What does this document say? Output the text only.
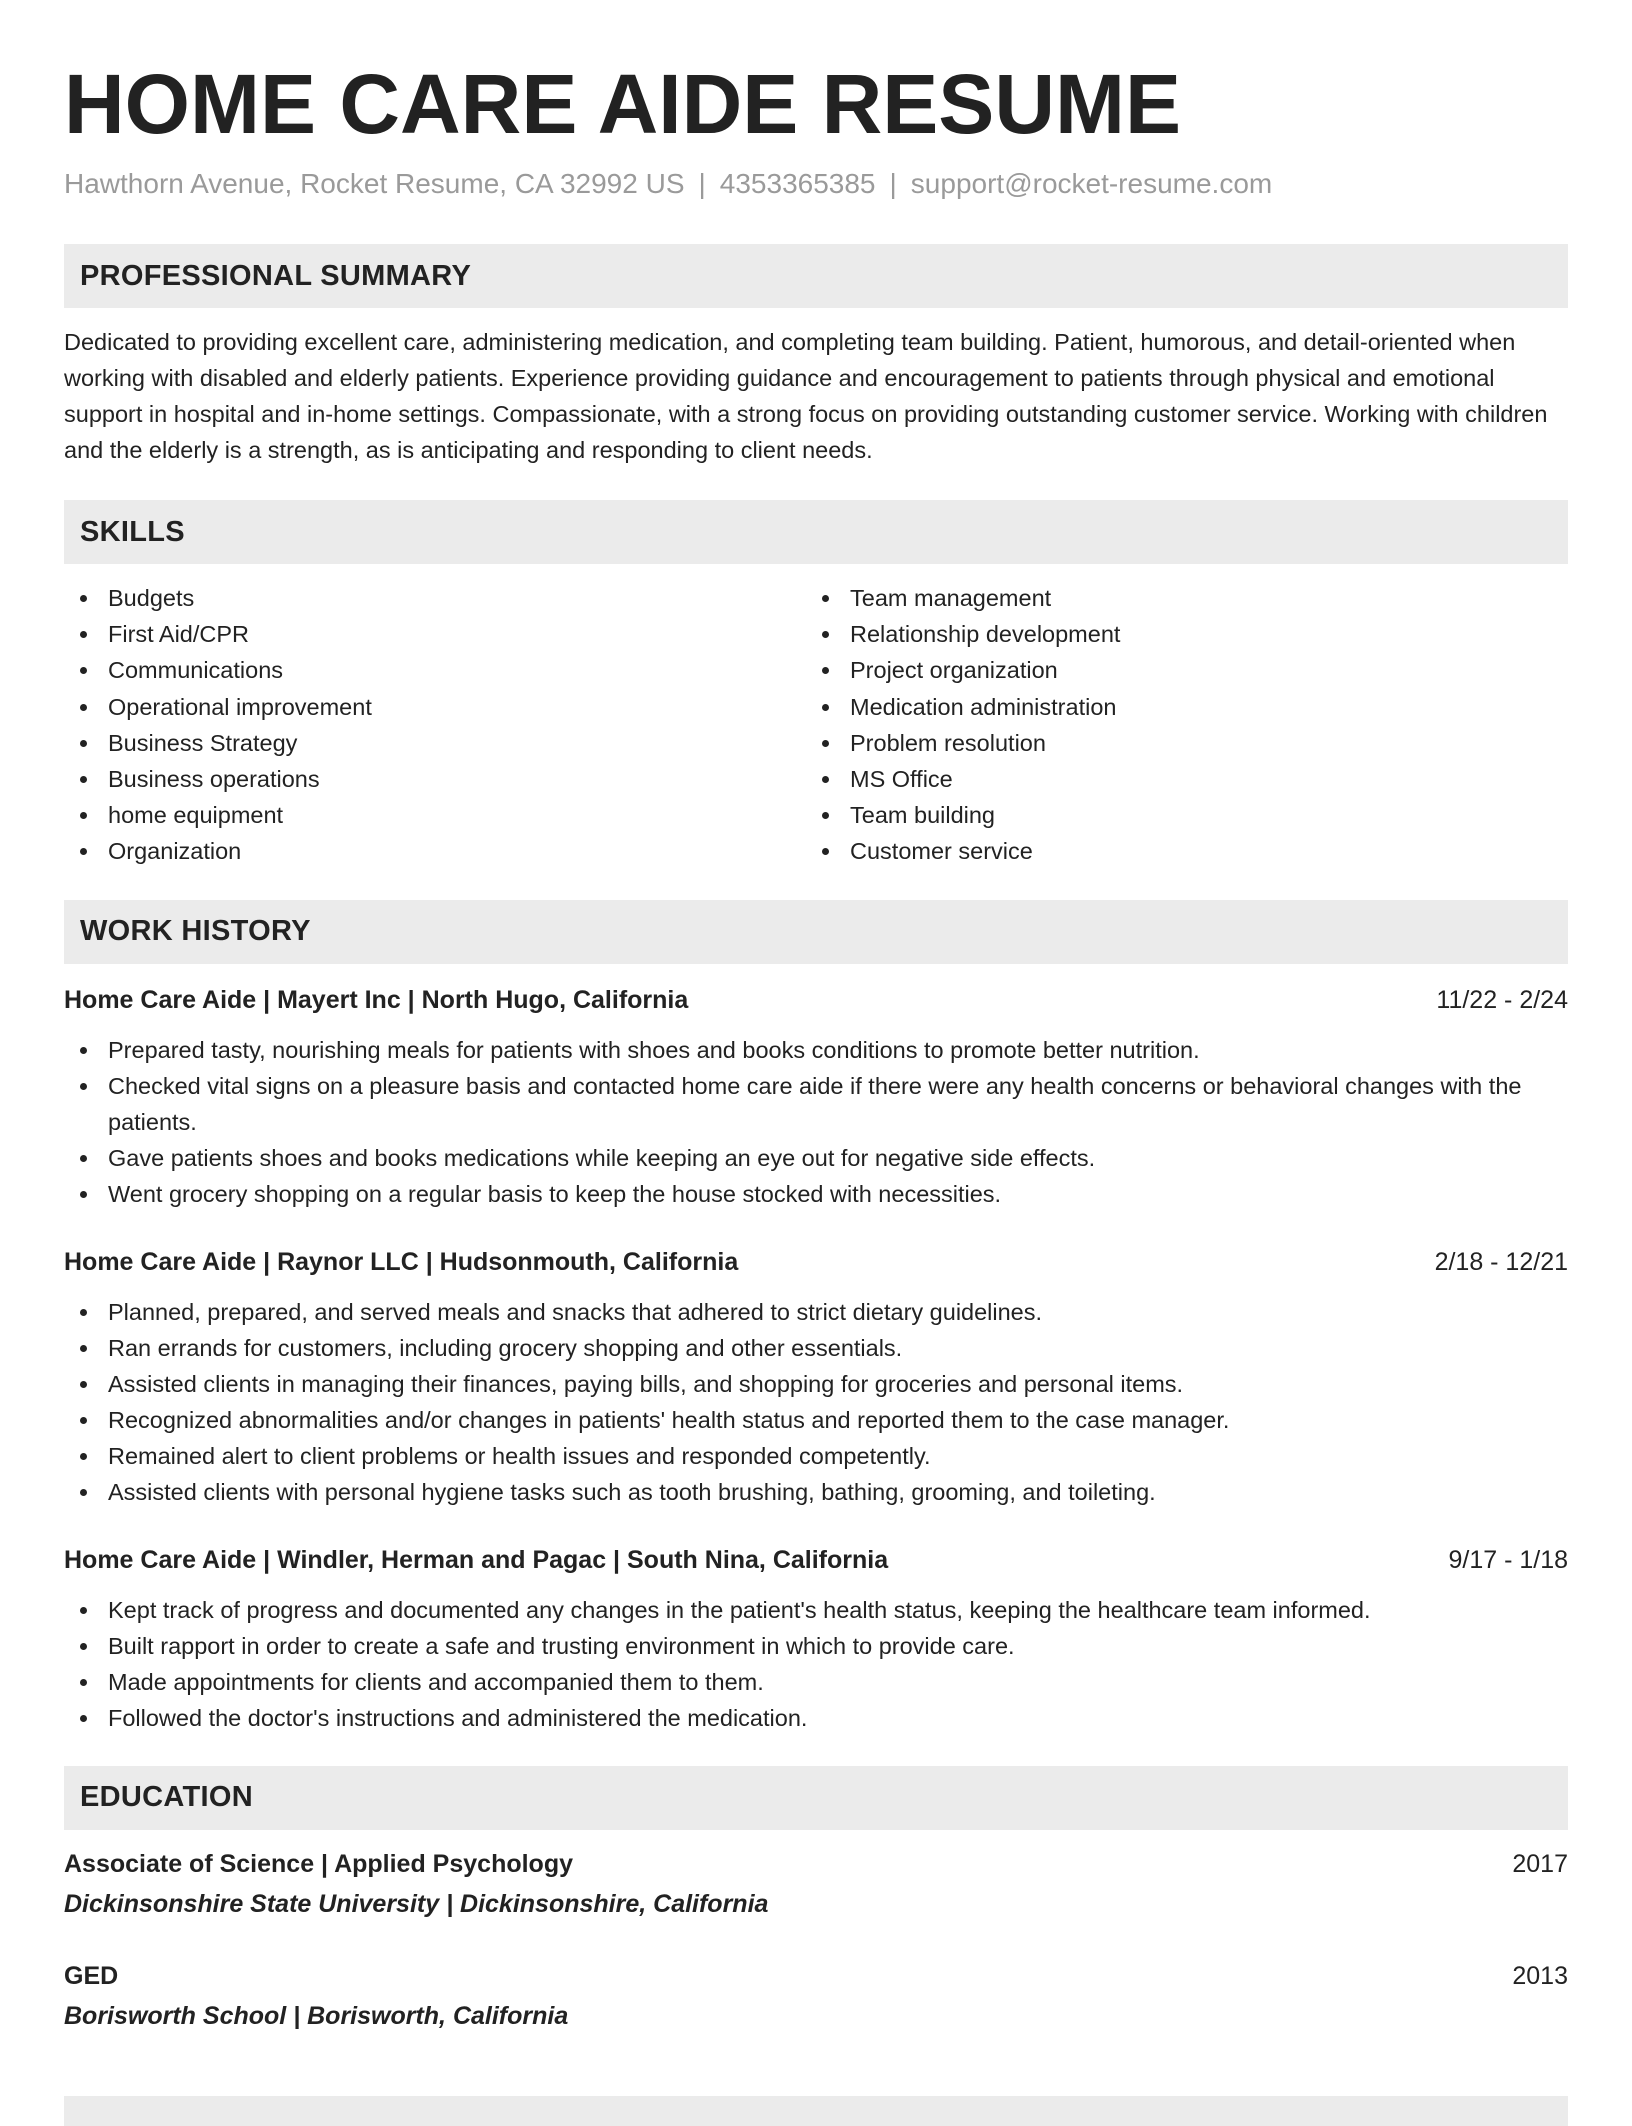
HOME CARE AIDE RESUME
Hawthorn Avenue, Rocket Resume, CA 32992 US | 4353365385 | support@rocket-resume.com
PROFESSIONAL SUMMARY
Dedicated to providing excellent care, administering medication, and completing team building. Patient, humorous, and detail-oriented when working with disabled and elderly patients. Experience providing guidance and encouragement to patients through physical and emotional support in hospital and in-home settings. Compassionate, with a strong focus on providing outstanding customer service. Working with children and the elderly is a strength, as is anticipating and responding to client needs.
SKILLS
Budgets
First Aid/CPR
Communications
Operational improvement
Business Strategy
Business operations
home equipment
Organization
Team management
Relationship development
Project organization
Medication administration
Problem resolution
MS Office
Team building
Customer service
WORK HISTORY
Home Care Aide | Mayert Inc | North Hugo, California	11/22 - 2/24
Prepared tasty, nourishing meals for patients with shoes and books conditions to promote better nutrition.
Checked vital signs on a pleasure basis and contacted home care aide if there were any health concerns or behavioral changes with the patients.
Gave patients shoes and books medications while keeping an eye out for negative side effects.
Went grocery shopping on a regular basis to keep the house stocked with necessities.
Home Care Aide | Raynor LLC | Hudsonmouth, California	2/18 - 12/21
Planned, prepared, and served meals and snacks that adhered to strict dietary guidelines.
Ran errands for customers, including grocery shopping and other essentials.
Assisted clients in managing their finances, paying bills, and shopping for groceries and personal items.
Recognized abnormalities and/or changes in patients' health status and reported them to the case manager.
Remained alert to client problems or health issues and responded competently.
Assisted clients with personal hygiene tasks such as tooth brushing, bathing, grooming, and toileting.
Home Care Aide | Windler, Herman and Pagac | South Nina, California	9/17 - 1/18
Kept track of progress and documented any changes in the patient's health status, keeping the healthcare team informed.
Built rapport in order to create a safe and trusting environment in which to provide care.
Made appointments for clients and accompanied them to them.
Followed the doctor's instructions and administered the medication.
EDUCATION
Associate of Science | Applied Psychology	2017
Dickinsonshire State University | Dickinsonshire, California
GED	2013
Borisworth School | Borisworth, California
